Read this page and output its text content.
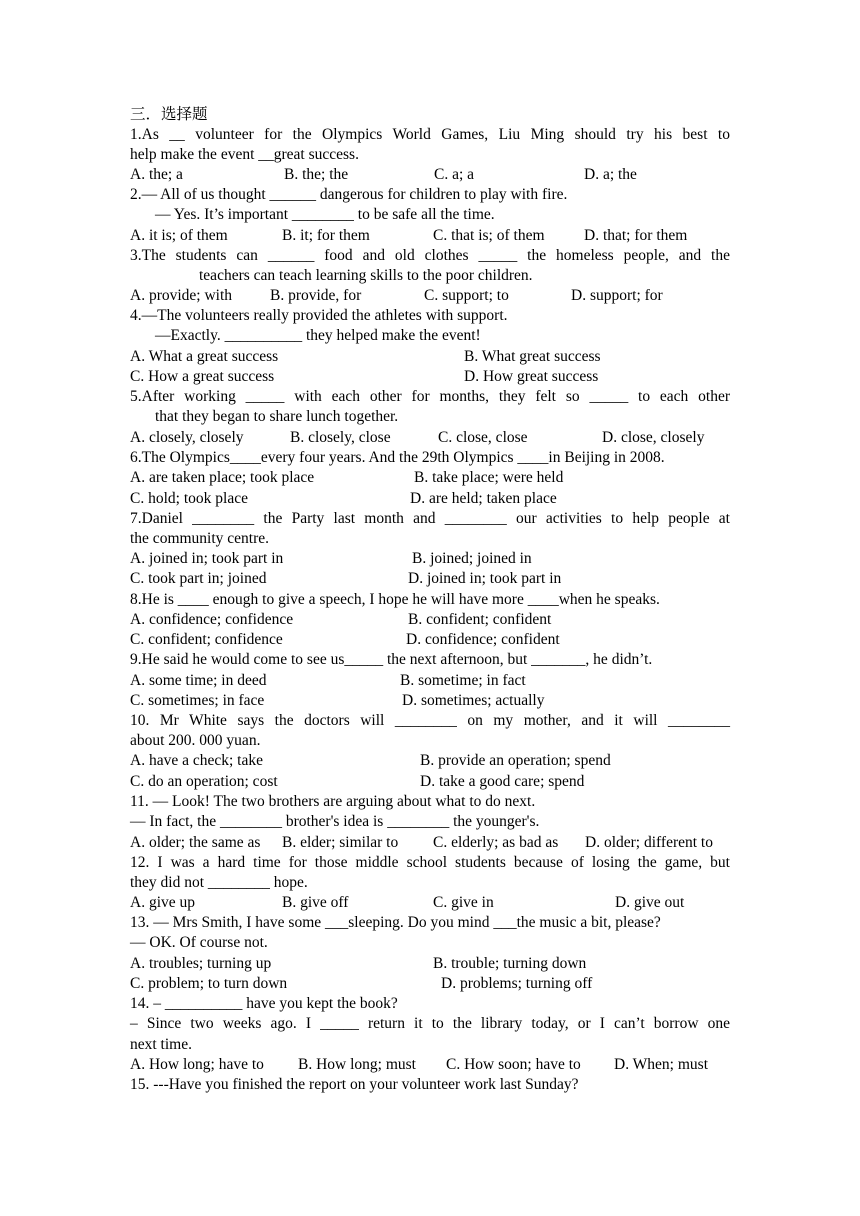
三．选择题
1.As __ volunteer for the Olympics World Games, Liu Ming should try his best to
help make the event __great success.
A. the; a	B. the; the	C. a; a	D. a; the
2.— All of us thought ______ dangerous for children to play with fire.
— Yes. It’s important ________ to be safe all the time.
A. it is; of them	B. it; for them	C. that is; of them	D. that; for them
3.The students can ______ food and old clothes _____ the homeless people, and the
teachers can teach learning skills to the poor children.
A. provide; with B. provide, for	C. support; to	D. support; for
4.—The volunteers really provided the athletes with support.
—Exactly. __________ they helped make the event!
A. What a great success	B. What great success
C. How a great success	D. How great success
5.After working _____ with each other for months, they felt so _____ to each other
that they began to share lunch together.
A. closely, closely	B. closely, close	C. close, close	D. close, closely
6.The Olympics____every four years. And the 29th Olympics ____in Beijing in 2008.
A. are taken place; took place	B. take place; were held
C. hold; took place	D. are held; taken place
7.Daniel ________ the Party last month and ________ our activities to help people at
the community centre.
A. joined in; took part in	B. joined; joined in
C. took part in; joined	D. joined in; took part in
8.He is ____ enough to give a speech, I hope he will have more ____when he speaks.
A. confidence; confidence	B. confident; confident
C. confident; confidence	D. confidence; confident
9.He said he would come to see us_____ the next afternoon, but _______, he didn’t.
A. some time; in deed	B. sometime; in fact
C. sometimes; in face	D. sometimes; actually
10. Mr White says the doctors will ________ on my mother, and it will ________
about 200. 000 yuan.
A. have a check; take	B. provide an operation; spend
C. do an operation; cost	D. take a good care; spend
11. — Look! The two brothers are arguing about what to do next.
— In fact, the ________ brother's idea is ________ the younger's.
A. older; the same as B. elder; similar to C. elderly; as bad as D. older; different to
12. I was a hard time for those middle school students because of losing the game, but
they did not ________ hope.
A. give up	B. give off	C. give in	D. give out
13. — Mrs Smith, I have some ___sleeping. Do you mind ___the music a bit, please?
— OK. Of course not.
A. troubles; turning up	B. trouble; turning down
C. problem; to turn down	D. problems; turning off
14. – __________ have you kept the book?
– Since two weeks ago. I _____ return it to the library today, or I can’t borrow one
next time.
A. How long; have to B. How long; must C. How soon; have to D. When; must
15. ---Have you finished the report on your volunteer work last Sunday?
